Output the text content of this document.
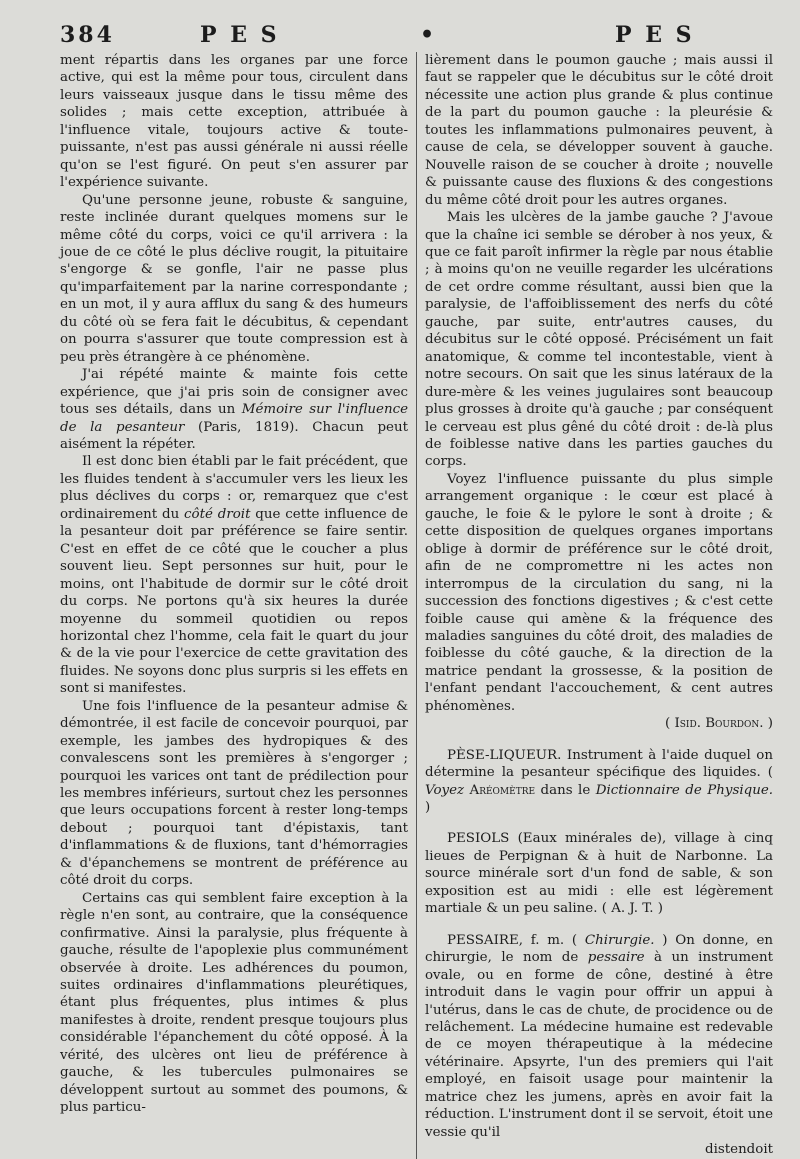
384	P E S	•	P E S

ment répartis dans les organes par une force active, qui est la même pour tous, circulent dans leurs vaisseaux jusque dans le tissu même des solides ; mais cette exception, attribuée à l'influence vitale, toujours active & toute-puissante, n'est pas aussi générale ni aussi réelle qu'on se l'est figuré. On peut s'en assurer par l'expérience suivante.

Qu'une personne jeune, robuste & sanguine, reste inclinée durant quelques momens sur le même côté du corps, voici ce qu'il arrivera : la joue de ce côté le plus déclive rougit, la pituitaire s'engorge & se gonfle, l'air ne passe plus qu'imparfaitement par la narine correspondante ; en un mot, il y aura afflux du sang & des humeurs du côté où se fera fait le décubitus, & cependant on pourra s'assurer que toute compression est à peu près étrangère à ce phénomène.

J'ai répété mainte & mainte fois cette expérience, que j'ai pris soin de consigner avec tous ses détails, dans un Mémoire sur l'influence de la pesanteur (Paris, 1819). Chacun peut aisément la répéter.

Il est donc bien établi par le fait précédent, que les fluides tendent à s'accumuler vers les lieux les plus déclives du corps : or, remarquez que c'est ordinairement du côté droit que cette influence de la pesanteur doit par préférence se faire sentir. C'est en effet de ce côté que le coucher a plus souvent lieu. Sept personnes sur huit, pour le moins, ont l'habitude de dormir sur le côté droit du corps. Ne portons qu'à six heures la durée moyenne du sommeil quotidien ou repos horizontal chez l'homme, cela fait le quart du jour & de la vie pour l'exercice de cette gravitation des fluides. Ne soyons donc plus surpris si les effets en sont si manifestes.

Une fois l'influence de la pesanteur admise & démontrée, il est facile de concevoir pourquoi, par exemple, les jambes des hydropiques & des convalescens sont les premières à s'engorger ; pourquoi les varices ont tant de prédilection pour les membres inférieurs, surtout chez les personnes que leurs occupations forcent à rester long-temps debout ; pourquoi tant d'épistaxis, tant d'inflammations & de fluxions, tant d'hémorragies & d'épanchemens se montrent de préférence au côté droit du corps.

Certains cas qui semblent faire exception à la règle n'en sont, au contraire, que la conséquence confirmative. Ainsi la paralysie, plus fréquente à gauche, résulte de l'apoplexie plus communément observée à droite. Les adhérences du poumon, suites ordinaires d'inflammations pleurétiques, étant plus fréquentes, plus intimes & plus manifestes à droite, rendent presque toujours plus considérable l'épanchement du côté opposé. À la vérité, des ulcères ont lieu de préférence à gauche, & les tubercules pulmonaires se développent surtout au sommet des poumons, & plus particu-

lièrement dans le poumon gauche ; mais aussi il faut se rappeler que le décubitus sur le côté droit nécessite une action plus grande & plus continue de la part du poumon gauche : la pleurésie & toutes les inflammations pulmonaires peuvent, à cause de cela, se développer souvent à gauche. Nouvelle raison de se coucher à droite ; nouvelle & puissante cause des fluxions & des congestions du même côté droit pour les autres organes.

Mais les ulcères de la jambe gauche ? J'avoue que la chaîne ici semble se dérober à nos yeux, & que ce fait paroît infirmer la règle par nous établie ; à moins qu'on ne veuille regarder les ulcérations de cet ordre comme résultant, aussi bien que la paralysie, de l'affoiblissement des nerfs du côté gauche, par suite, entr'autres causes, du décubitus sur le côté opposé. Précisément un fait anatomique, & comme tel incontestable, vient à notre secours. On sait que les sinus latéraux de la dure-mère & les veines jugulaires sont beaucoup plus grosses à droite qu'à gauche ; par conséquent le cerveau est plus gêné du côté droit : de-là plus de foiblesse native dans les parties gauches du corps.

Voyez l'influence puissante du plus simple arrangement organique : le cœur est placé à gauche, le foie & le pylore le sont à droite ; & cette disposition de quelques organes importans oblige à dormir de préférence sur le côté droit, afin de ne compromettre ni les actes non interrompus de la circulation du sang, ni la succession des fonctions digestives ; & c'est cette foible cause qui amène & la fréquence des maladies sanguines du côté droit, des maladies de foiblesse du côté gauche, & la direction de la matrice pendant la grossesse, & la position de l'enfant pendant l'accouchement, & cent autres phénomènes.

( Isid. Bourdon. )

PÈSE-LIQUEUR. Instrument à l'aide duquel on détermine la pesanteur spécifique des liquides. ( Voyez Aréomètre dans le Dictionnaire de Physique. )

PESIOLS (Eaux minérales de), village à cinq lieues de Perpignan & à huit de Narbonne. La source minérale sort d'un fond de sable, & son exposition est au midi : elle est légèrement martiale & un peu saline. ( A. J. T. )

PESSAIRE, f. m. ( Chirurgie. ) On donne, en chirurgie, le nom de pessaire à un instrument ovale, ou en forme de cône, destiné à être introduit dans le vagin pour offrir un appui à l'utérus, dans le cas de chute, de procidence ou de relâchement. La médecine humaine est redevable de ce moyen thérapeutique à la médecine vétérinaire. Apsyrte, l'un des premiers qui l'ait employé, en faisoit usage pour maintenir la matrice chez les jumens, après en avoir fait la réduction. L'instrument dont il se servoit, étoit une vessie qu'il

distendoit
